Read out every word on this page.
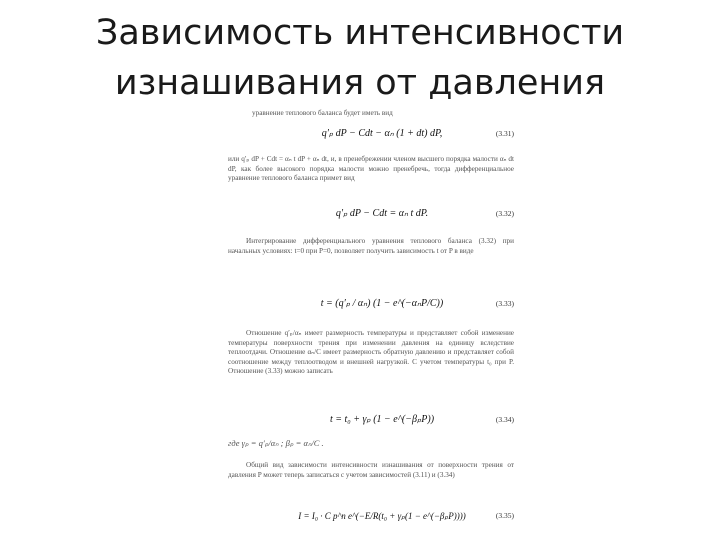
Зависимость интенсивности
изнашивания от давления
уравнение теплового баланса будет иметь вид
q′ₚ dP − Cdt − αₙ (1 + dt) dP,	(3.31)
или q′ₚ dP + Cdt = αₙ t dP + αₙ dt, и, в пренебрежении членом высшего порядка малости αₙ dt dP, как более высокого порядка малости можно пренебречь, тогда дифференциальное уравнение теплового баланса примет вид
q′ₚ dP − Cdt = αₙ t dP.	(3.32)
Интегрирование дифференциального уравнения теплового баланса (3.32) при начальных условиях: t=0 при P=0, позволяет получить зависимость t от P в виде
t = (q′ₚ / αₙ) (1 − e^(−αₙP/C))	(3.33)
Отношение q′ₚ/αₙ имеет размерность температуры и представляет собой изменение температуры поверхности трения при изменении давления на единицу вследствие теплоотдачи. Отношение αₙ/C имеет размерность обратную давлению и представляет собой соотношение между теплоотводом и внешней нагрузкой. С учетом температуры t₀ при P. Отношение (3.33) можно записать
t = t₀ + γₚ (1 − e^(−βₚP))	(3.34)
где γₚ = q′ₚ/αₙ ; βₚ = αₙ/C .
Общий вид зависимости интенсивности изнашивания от поверхности трения от давления P может теперь записаться с учетом зависимостей (3.11) и (3.34)
I = I₀ · C p^n e^(−E/R(t₀ + γₚ(1 − e^(−βₚP))))	(3.35)
